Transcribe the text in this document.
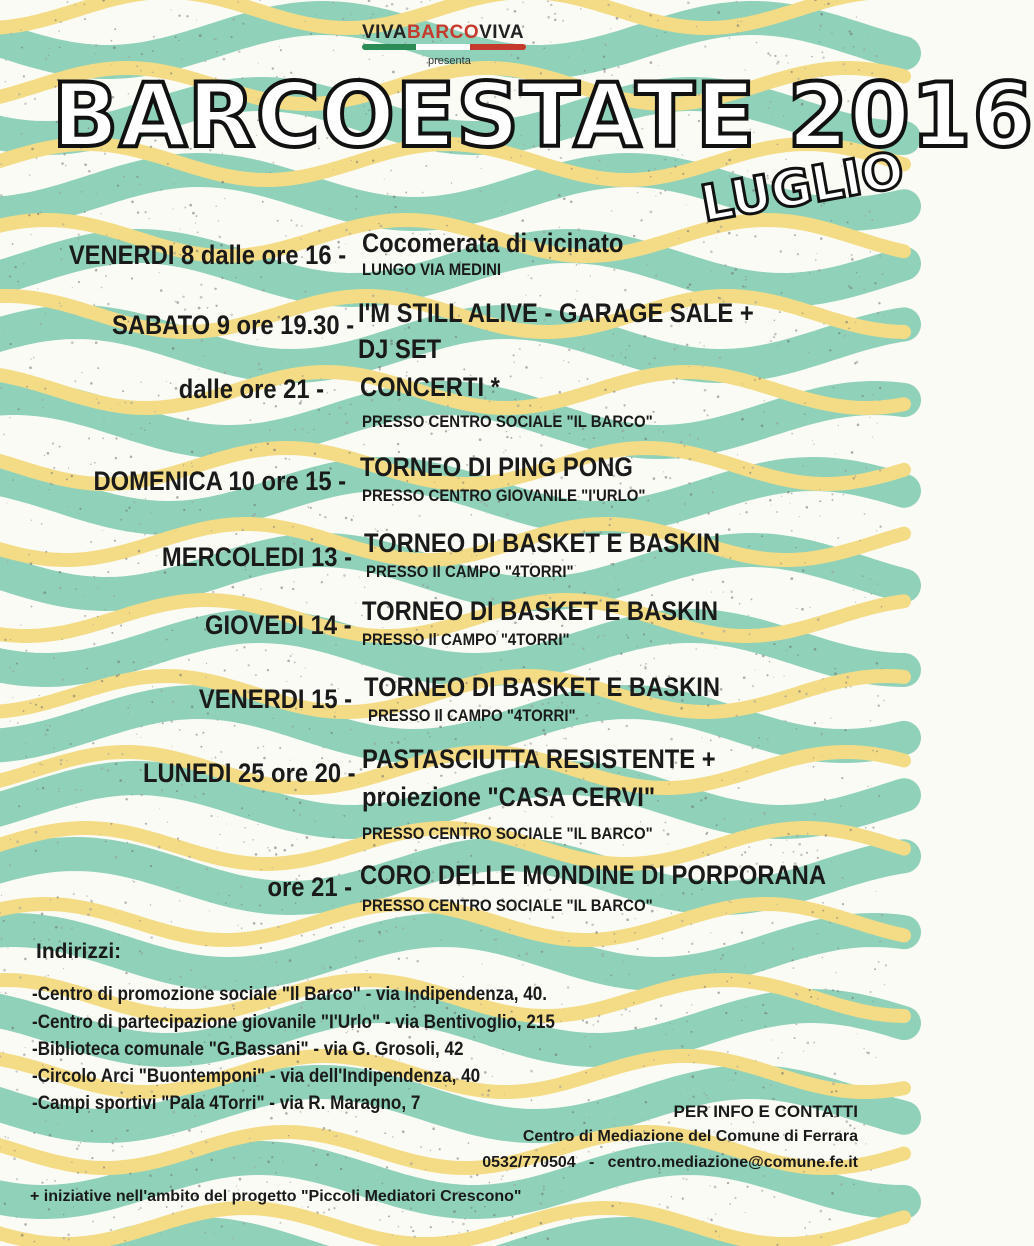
VIVABARCOVIVA
presenta
BARCOESTATE 2016
LUGLIO
VENERDI 8 dalle ore 16 - Cocomerata di vicinato
LUNGO VIA MEDINI
SABATO 9 ore 19.30 - I'M STILL ALIVE - GARAGE SALE +
DJ SET
dalle ore 21 - CONCERTI *
PRESSO CENTRO SOCIALE "IL BARCO"
DOMENICA 10 ore 15 - TORNEO DI PING PONG
PRESSO CENTRO GIOVANILE "I'URLO"
MERCOLEDI 13 - TORNEO DI BASKET E BASKIN
PRESSO Il CAMPO "4TORRI"
GIOVEDI 14 - TORNEO DI BASKET E BASKIN
PRESSO Il CAMPO "4TORRI"
VENERDI 15 - TORNEO DI BASKET E BASKIN
PRESSO Il CAMPO "4TORRI"
LUNEDI 25 ore 20 - PASTASCIUTTA RESISTENTE +
proiezione "CASA CERVI"
PRESSO CENTRO SOCIALE "IL BARCO"
ore 21 - CORO DELLE MONDINE DI PORPORANA
PRESSO CENTRO SOCIALE "IL BARCO"
Indirizzi:
-Centro di promozione sociale "Il Barco" - via Indipendenza, 40.
-Centro di partecipazione giovanile "I'Urlo" - via Bentivoglio, 215
-Biblioteca comunale "G.Bassani" - via G. Grosoli, 42
-Circolo Arci "Buontemponi" - via dell'Indipendenza, 40
-Campi sportivi "Pala 4Torri" - via R. Maragno, 7	PER INFO E CONTATTI
Centro di Mediazione del Comune di Ferrara
0532/770504   -   centro.mediazione@comune.fe.it
+ iniziative nell'ambito del progetto "Piccoli Mediatori Crescono"
